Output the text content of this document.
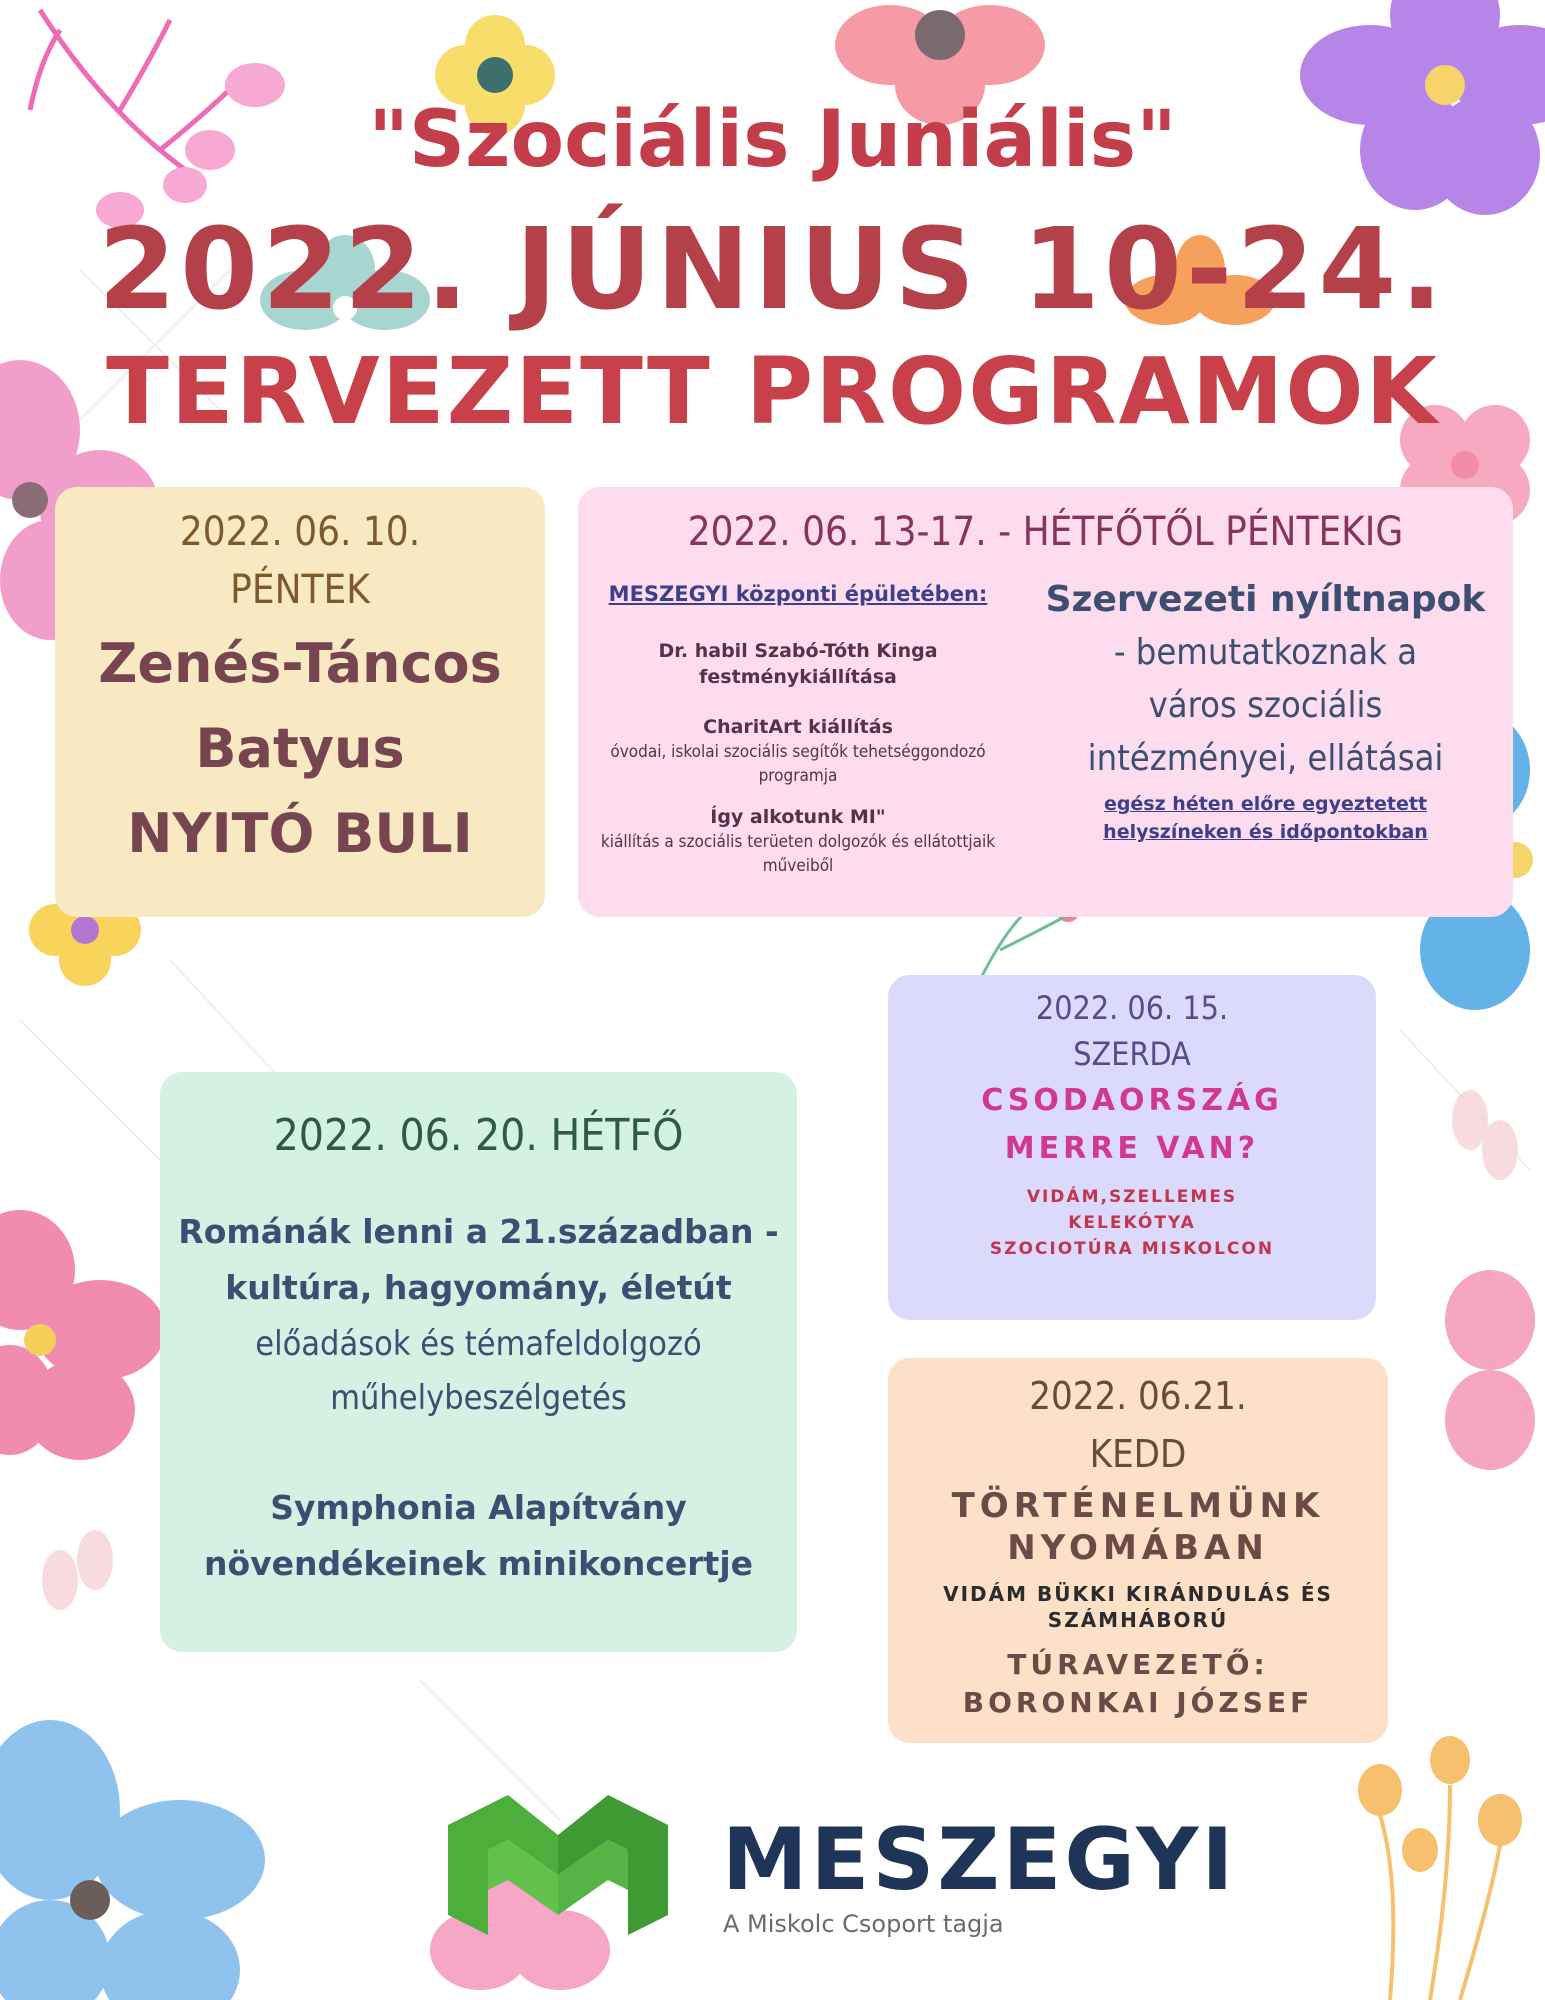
"Szociális Juniális"
2022. JÚNIUS 10-24.
TERVEZETT PROGRAMOK

2022. 06. 10.

PÉNTEK

Zenés-Táncos

Batyus

NYITÓ BULI

2022. 06. 13-17. - HÉTFŐTŐL PÉNTEKIG

MESZEGYI központi épületében:
Dr. habil Szabó-Tóth Kinga
festménykiállítása
CharitArt kiállítás
óvodai, iskolai szociális segítők tehetséggondozó
programja
Így alkotunk MI"
kiállítás a szociális terüeten dolgozók és ellátottjaik
műveiből
Szervezeti nyíltnapok
- bemutatkoznak a
város szociális
intézményei, ellátásai
egész héten előre egyeztetett
helyszíneken és időpontokban

2022. 06. 15.

SZERDA

CSODAORSZÁG

MERRE VAN?

VIDÁM,SZELLEMES

KELEKÓTYA

SZOCIOTÚRA MISKOLCON

2022. 06. 20. HÉTFŐ

Románák lenni a 21.században -

kultúra, hagyomány, életút

előadások és témafeldolgozó

műhelybeszélgetés

Symphonia Alapítvány

növendékeinek minikoncertje

2022. 06.21.

KEDD

TÖRTÉNELMÜNK

NYOMÁBAN

VIDÁM BÜKKI KIRÁNDULÁS ÉS

SZÁMHÁBORÚ

TÚRAVEZETŐ:

BORONKAI JÓZSEF

MESZEGYI
A Miskolc Csoport tagja
